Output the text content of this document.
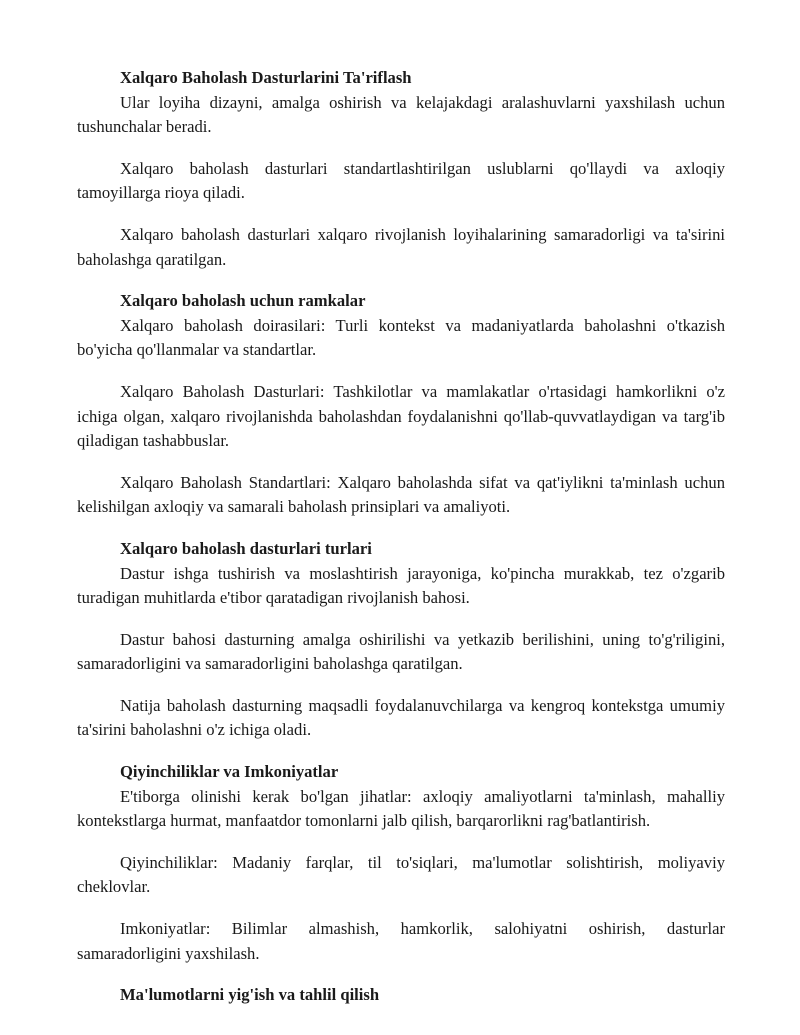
Xalqaro Baholash Dasturlarini Ta'riflash

Ular loyiha dizayni, amalga oshirish va kelajakdagi aralashuvlarni yaxshilash uchun tushunchalar beradi.

Xalqaro baholash dasturlari standartlashtirilgan uslublarni qo'llaydi va axloqiy tamoyillarga rioya qiladi.

Xalqaro baholash dasturlari xalqaro rivojlanish loyihalarining samaradorligi va ta'sirini baholashga qaratilgan.

Xalqaro baholash uchun ramkalar

Xalqaro baholash doirasilari: Turli kontekst va madaniyatlarda baholashni o'tkazish bo'yicha qo'llanmalar va standartlar.

Xalqaro Baholash Dasturlari: Tashkilotlar va mamlakatlar o'rtasidagi hamkorlikni o'z ichiga olgan, xalqaro rivojlanishda baholashdan foydalanishni qo'llab-quvvatlaydigan va targ'ib qiladigan tashabbuslar.

Xalqaro Baholash Standartlari: Xalqaro baholashda sifat va qat'iylikni ta'minlash uchun kelishilgan axloqiy va samarali baholash prinsiplari va amaliyoti.

Xalqaro baholash dasturlari turlari

Dastur ishga tushirish va moslashtirish jarayoniga, ko'pincha murakkab, tez o'zgarib turadigan muhitlarda e'tibor qaratadigan rivojlanish bahosi.

Dastur bahosi dasturning amalga oshirilishi va yetkazib berilishini, uning to'g'riligini, samaradorligini va samaradorligini baholashga qaratilgan.

Natija baholash dasturning maqsadli foydalanuvchilarga va kengroq kontekstga umumiy ta'sirini baholashni o'z ichiga oladi.

Qiyinchiliklar va Imkoniyatlar

E'tiborga olinishi kerak bo'lgan jihatlar: axloqiy amaliyotlarni ta'minlash, mahalliy kontekstlarga hurmat, manfaatdor tomonlarni jalb qilish, barqarorlikni rag'batlantirish.

Qiyinchiliklar: Madaniy farqlar, til to'siqlari, ma'lumotlar solishtirish, moliyaviy cheklovlar.

Imkoniyatlar: Bilimlar almashish, hamkorlik, salohiyatni oshirish, dasturlar samaradorligini yaxshilash.

Ma'lumotlarni yig'ish va tahlil qilish
